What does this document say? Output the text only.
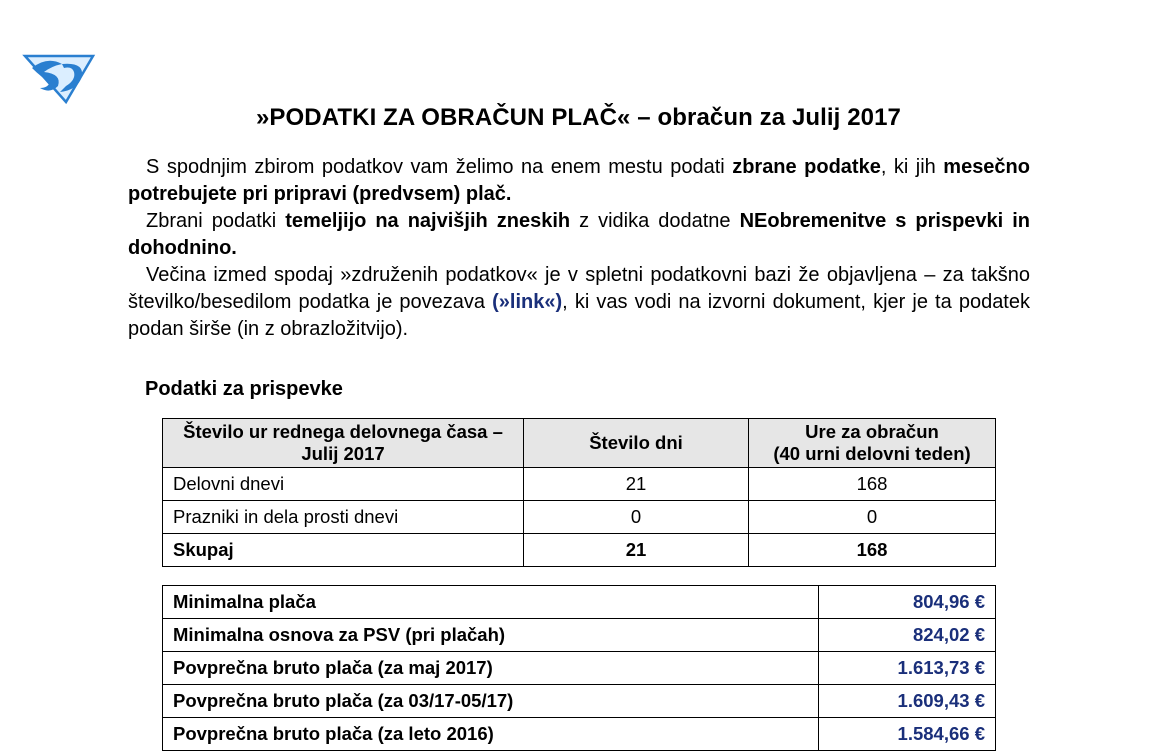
»PODATKI ZA OBRAČUN PLAČ« – obračun za Julij 2017

S spodnjim zbirom podatkov vam želimo na enem mestu podati zbrane podatke, ki jih mesečno potrebujete pri pripravi (predvsem) plač.

Zbrani podatki temeljijo na najvišjih zneskih z vidika dodatne NEobremenitve s prispevki in dohodnino.

Večina izmed spodaj »združenih podatkov« je v spletni podatkovni bazi že objavljena – za takšno številko/besedilom podatka je povezava (»link«), ki vas vodi na izvorni dokument, kjer je ta podatek podan širše (in z obrazložitvijo).

Podatki za prispevke
Število ur rednega delovnega časa – Julij 2017	Število dni	Ure za obračun
(40 urni delovni teden)
Delovni dnevi	21	168
Prazniki in dela prosti dnevi	0	0
Skupaj	21	168
Minimalna plača	804,96 €
Minimalna osnova za PSV (pri plačah)	824,02 €
Povprečna bruto plača (za maj 2017)	1.613,73 €
Povprečna bruto plača (za 03/17-05/17)	1.609,43 €
Povprečna bruto plača (za leto 2016)	1.584,66 €
